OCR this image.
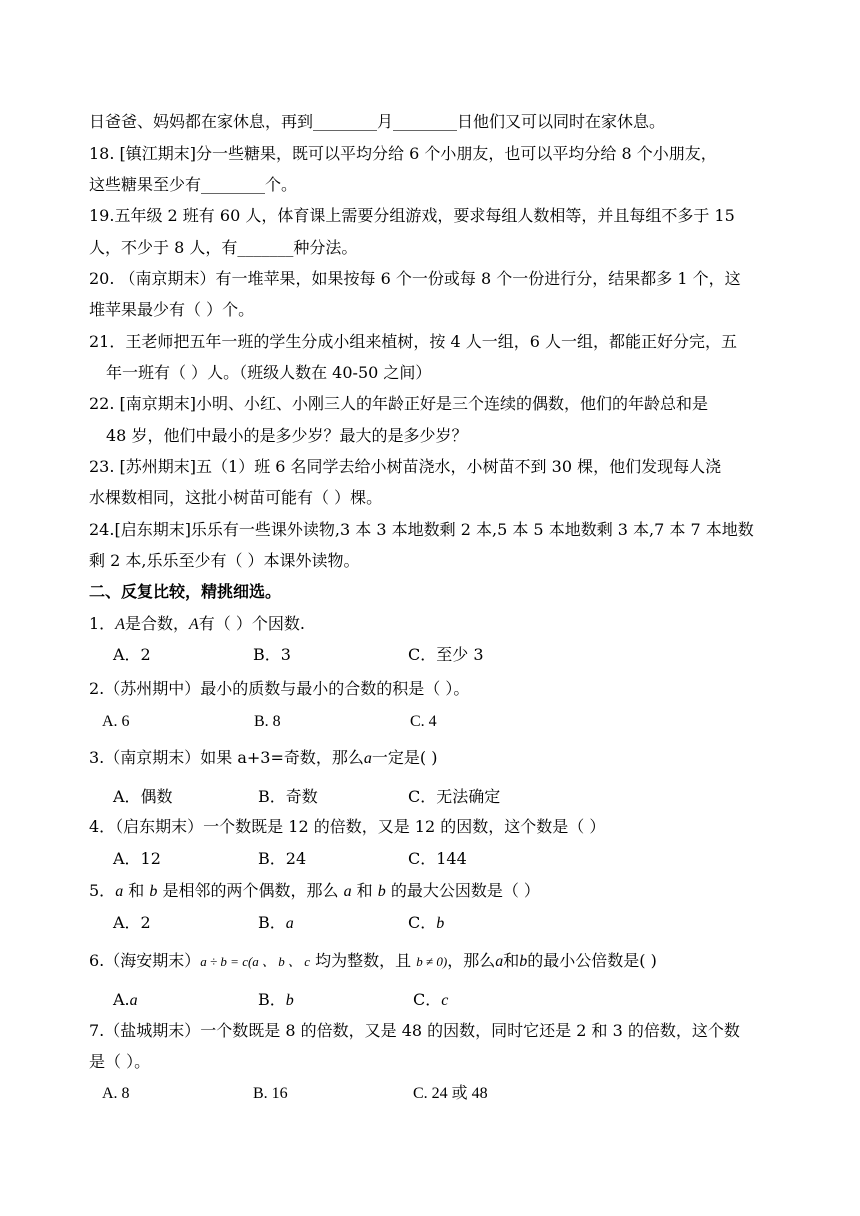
日爸爸、妈妈都在家休息，再到________月________日他们又可以同时在家休息。
18. [镇江期末]分一些糖果，既可以平均分给 6 个小朋友，也可以平均分给 8 个小朋友，
这些糖果至少有________个。
19.五年级 2 班有 60 人，体育课上需要分组游戏，要求每组人数相等，并且每组不多于 15
人，不少于 8 人，有_______种分法。
20. （南京期末）有一堆苹果，如果按每 6 个一份或每 8 个一份进行分，结果都多 1 个，这
堆苹果最少有（ ）个。
21．王老师把五年一班的学生分成小组来植树，按 4 人一组，6 人一组，都能正好分完，五
年一班有（ ）人。（班级人数在 40-50 之间）
22. [南京期末]小明、小红、小刚三人的年龄正好是三个连续的偶数，他们的年龄总和是
48 岁，他们中最小的是多少岁？最大的是多少岁？
23. [苏州期末]五（1）班 6 名同学去给小树苗浇水，小树苗不到 30 棵，他们发现每人浇
水棵数相同，这批小树苗可能有（ ）棵。
24.[启东期末]乐乐有一些课外读物,3 本 3 本地数剩 2 本,5 本 5 本地数剩 3 本,7 本 7 本地数
剩 2 本,乐乐至少有（ ）本课外读物。
二、反复比较，精挑细选。
1．A是合数，A有（ ）个因数.
A．2	B．3	C．至少 3
2.（苏州期中）最小的质数与最小的合数的积是（ ）。
A. 6	B. 8	C. 4
3.（南京期末）如果 a+3=奇数，那么a一定是( )
A．偶数	B．奇数	C．无法确定
4．（启东期末）一个数既是 12 的倍数，又是 12 的因数，这个数是（ ）
A．12	B．24	C．144
5．a 和 b 是相邻的两个偶数，那么 a 和 b 的最大公因数是（ ）
A．2	B．a	C．b
6.（海安期末）a ÷ b = c(a 、 b 、 c 均为整数，且 b ≠ 0)，那么a和b的最小公倍数是( )
A.a	B．b	C．c
7.（盐城期末）一个数既是 8 的倍数，又是 48 的因数，同时它还是 2 和 3 的倍数，这个数
是（ ）。
A. 8	B. 16	C. 24 或 48
